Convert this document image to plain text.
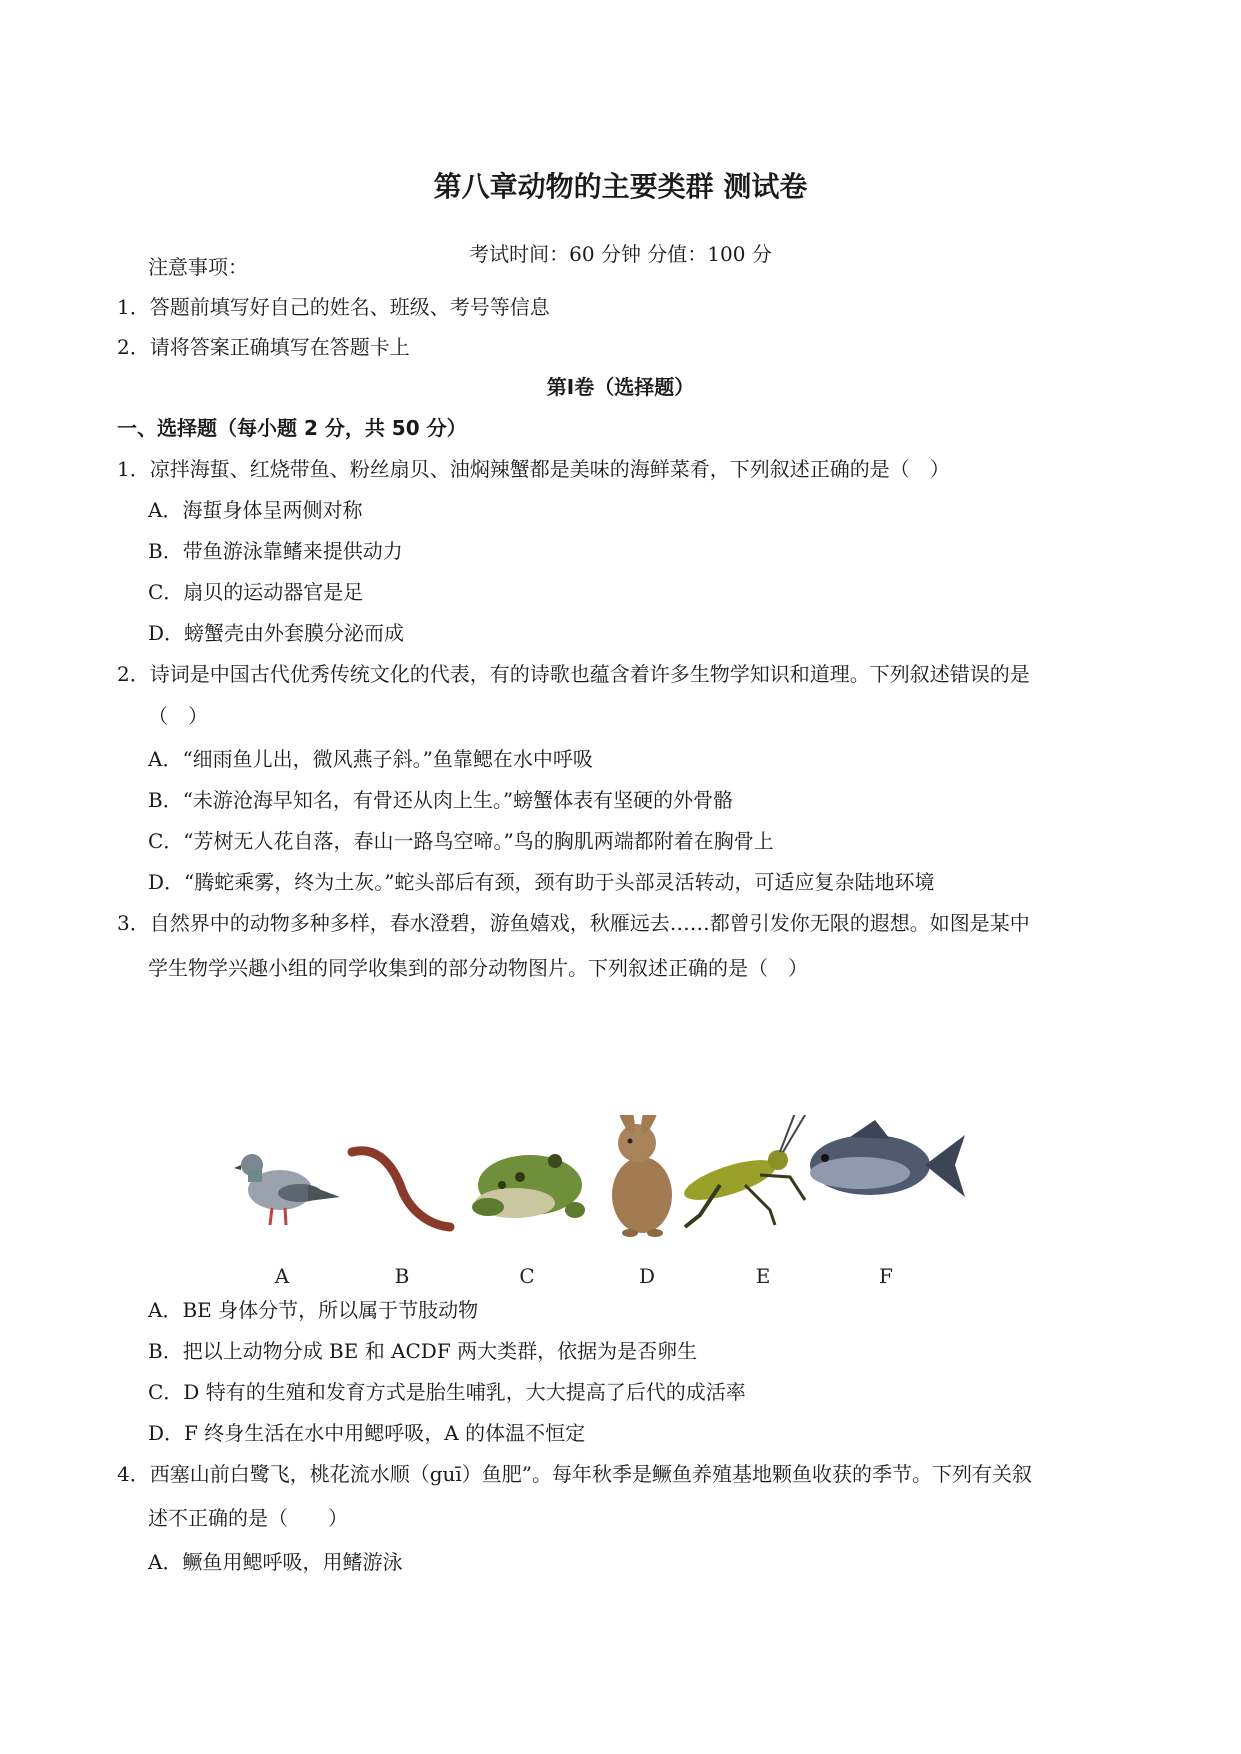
第八章动物的主要类群 测试卷
考试时间：60 分钟 分值：100 分
注意事项：
1．答题前填写好自己的姓名、班级、考号等信息
2．请将答案正确填写在答题卡上
第Ⅰ卷（选择题）
一、选择题（每小题 2 分，共 50 分）
1．凉拌海蜇、红烧带鱼、粉丝扇贝、油焖辣蟹都是美味的海鲜菜肴，下列叙述正确的是（　）
A．海蜇身体呈两侧对称
B．带鱼游泳靠鳍来提供动力
C．扇贝的运动器官是足
D．螃蟹壳由外套膜分泌而成
2．诗词是中国古代优秀传统文化的代表，有的诗歌也蕴含着许多生物学知识和道理。下列叙述错误的是
（　）
A．“细雨鱼儿出，微风燕子斜。”鱼靠鳃在水中呼吸
B．“未游沧海早知名，有骨还从肉上生。”螃蟹体表有坚硬的外骨骼
C．“芳树无人花自落，春山一路鸟空啼。”鸟的胸肌两端都附着在胸骨上
D．“腾蛇乘雾，终为土灰。”蛇头部后有颈，颈有助于头部灵活转动，可适应复杂陆地环境
3．自然界中的动物多种多样，春水澄碧，游鱼嬉戏，秋雁远去……都曾引发你无限的遐想。如图是某中
学生物学兴趣小组的同学收集到的部分动物图片。下列叙述正确的是（　）
A	B	C	D	E	F
A．BE 身体分节，所以属于节肢动物
B．把以上动物分成 BE 和 ACDF 两大类群，依据为是否卵生
C．D 特有的生殖和发育方式是胎生哺乳，大大提高了后代的成活率
D．F 终身生活在水中用鳃呼吸，A 的体温不恒定
4．西塞山前白鹭飞，桃花流水顺（guī）鱼肥”。每年秋季是鳜鱼养殖基地颗鱼收获的季节。下列有关叙
述不正确的是（　　）
A．鳜鱼用鳃呼吸，用鳍游泳
